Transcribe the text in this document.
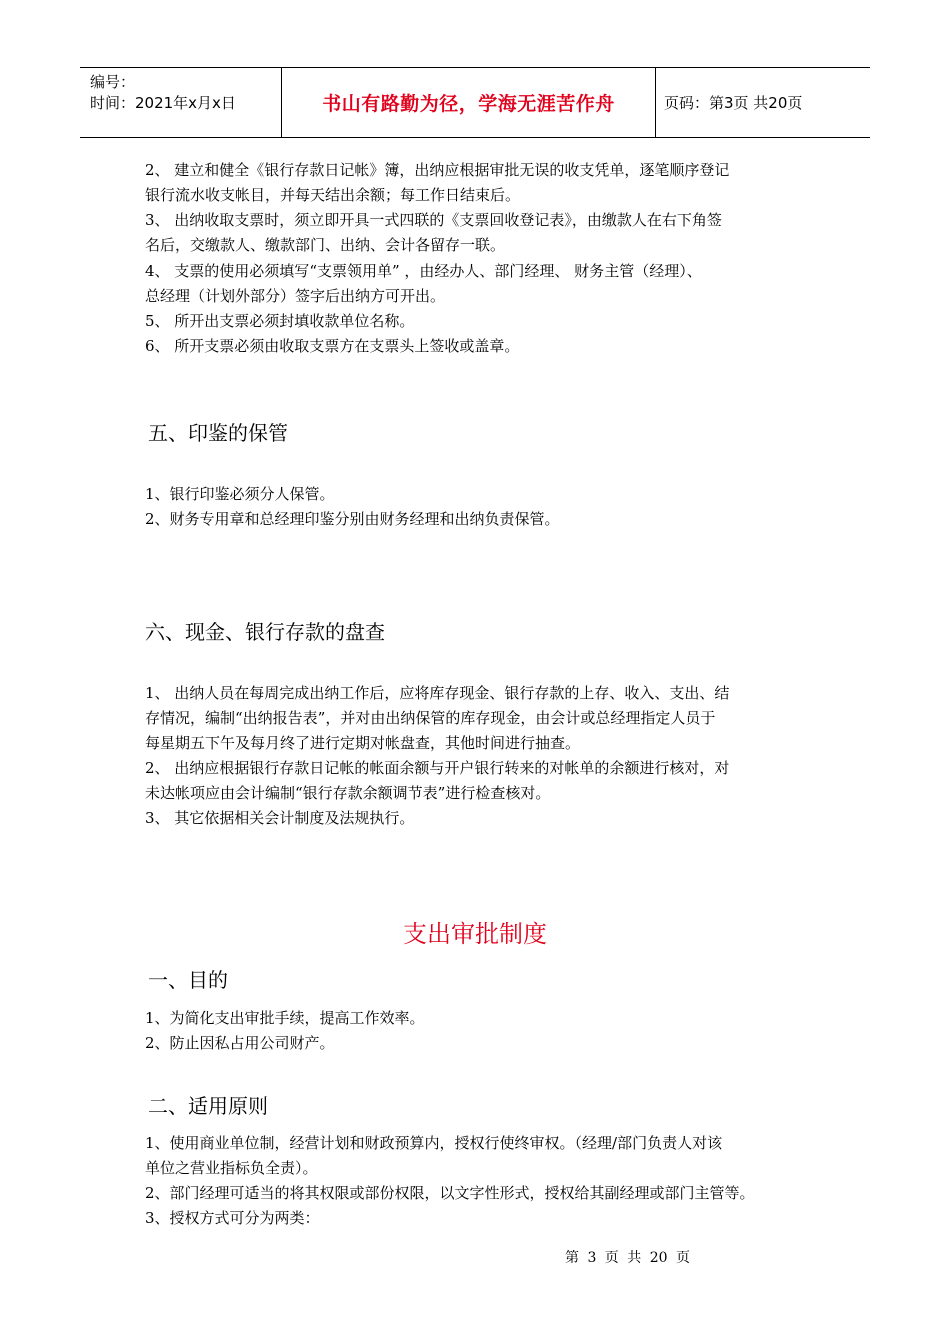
编号：
时间：2021年x月x日	书山有路勤为径，学海无涯苦作舟	页码：第3页 共20页
2、 建立和健全《银行存款日记帐》簿，出纳应根据审批无误的收支凭单，逐笔顺序登记
银行流水收支帐目，并每天结出余额；每工作日结束后。
3、 出纳收取支票时，须立即开具一式四联的《支票回收登记表》，由缴款人在右下角签
名后，交缴款人、缴款部门、出纳、会计各留存一联。
4、 支票的使用必须填写“支票领用单” ，由经办人、部门经理、 财务主管（经理）、
总经理（计划外部分）签字后出纳方可开出。
5、 所开出支票必须封填收款单位名称。
6、 所开支票必须由收取支票方在支票头上签收或盖章。
五、印鉴的保管
1、银行印鉴必须分人保管。
2、财务专用章和总经理印鉴分别由财务经理和出纳负责保管。
六、现金、银行存款的盘查
1、 出纳人员在每周完成出纳工作后，应将库存现金、银行存款的上存、收入、支出、结
存情况，编制“出纳报告表”，并对由出纳保管的库存现金，由会计或总经理指定人员于
每星期五下午及每月终了进行定期对帐盘查，其他时间进行抽查。
2、 出纳应根据银行存款日记帐的帐面余额与开户银行转来的对帐单的余额进行核对，对
未达帐项应由会计编制“银行存款余额调节表”进行检查核对。
3、 其它依据相关会计制度及法规执行。
支出审批制度
一、目的
1、为简化支出审批手续，提高工作效率。
2、防止因私占用公司财产。
二、适用原则
1、使用商业单位制，经营计划和财政预算内，授权行使终审权。（经理/部门负责人对该
单位之营业指标负全责）。
2、部门经理可适当的将其权限或部份权限，以文字性形式，授权给其副经理或部门主管等。
3、授权方式可分为两类：
第 3 页 共 20 页
